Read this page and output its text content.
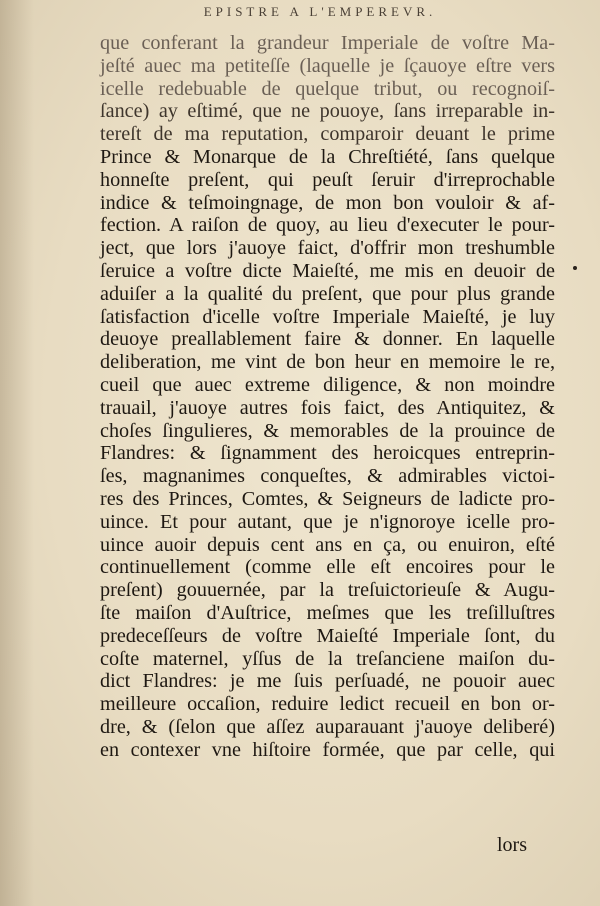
EPISTRE A L'EMPEREVR.
que conferant la grandeur Imperiale de voſtre Ma-
jeſté auec ma petiteſſe (laquelle je ſçauoye eſtre vers
icelle redebuable de quelque tribut, ou recognoiſ-
ſance) ay eſtimé, que ne pouoye, ſans irreparable in-
tereſt de ma reputation, comparoir deuant le prime
Prince & Monarque de la Chreſtiété, ſans quelque
honneſte preſent, qui peuſt ſeruir d'irreprochable
indice & teſmoingnage, de mon bon vouloir & af-
fection. A raiſon de quoy, au lieu d'executer le pour-
ject, que lors j'auoye faict, d'offrir mon treshumble
ſeruice a voſtre dicte Maieſté, me mis en deuoir de
aduiſer a la qualité du preſent, que pour plus grande
ſatisfaction d'icelle voſtre Imperiale Maieſté, je luy
deuoye preallablement faire & donner. En laquelle
deliberation, me vint de bon heur en memoire le re,
cueil que auec extreme diligence, & non moindre
trauail, j'auoye autres fois faict, des Antiquitez, &
choſes ſingulieres, & memorables de la prouince de
Flandres: & ſignamment des heroicques entreprin-
ſes, magnanimes conqueſtes, & admirables victoi-
res des Princes, Comtes, & Seigneurs de ladicte pro-
uince. Et pour autant, que je n'ignoroye icelle pro-
uince auoir depuis cent ans en ça, ou enuiron, eſté
continuellement (comme elle eſt encoires pour le
preſent) gouuernée, par la treſuictorieuſe & Augu-
ſte maiſon d'Auſtrice, meſmes que les treſilluſtres
predeceſſeurs de voſtre Maieſté Imperiale ſont, du
coſte maternel, yſſus de la treſanciene maiſon du-
dict Flandres: je me ſuis perſuadé, ne pouoir auec
meilleure occaſion, reduire ledict recueil en bon or-
dre, & (ſelon que aſſez auparauant j'auoye deliberé)
en contexer vne hiſtoire formée, que par celle, qui
lors
